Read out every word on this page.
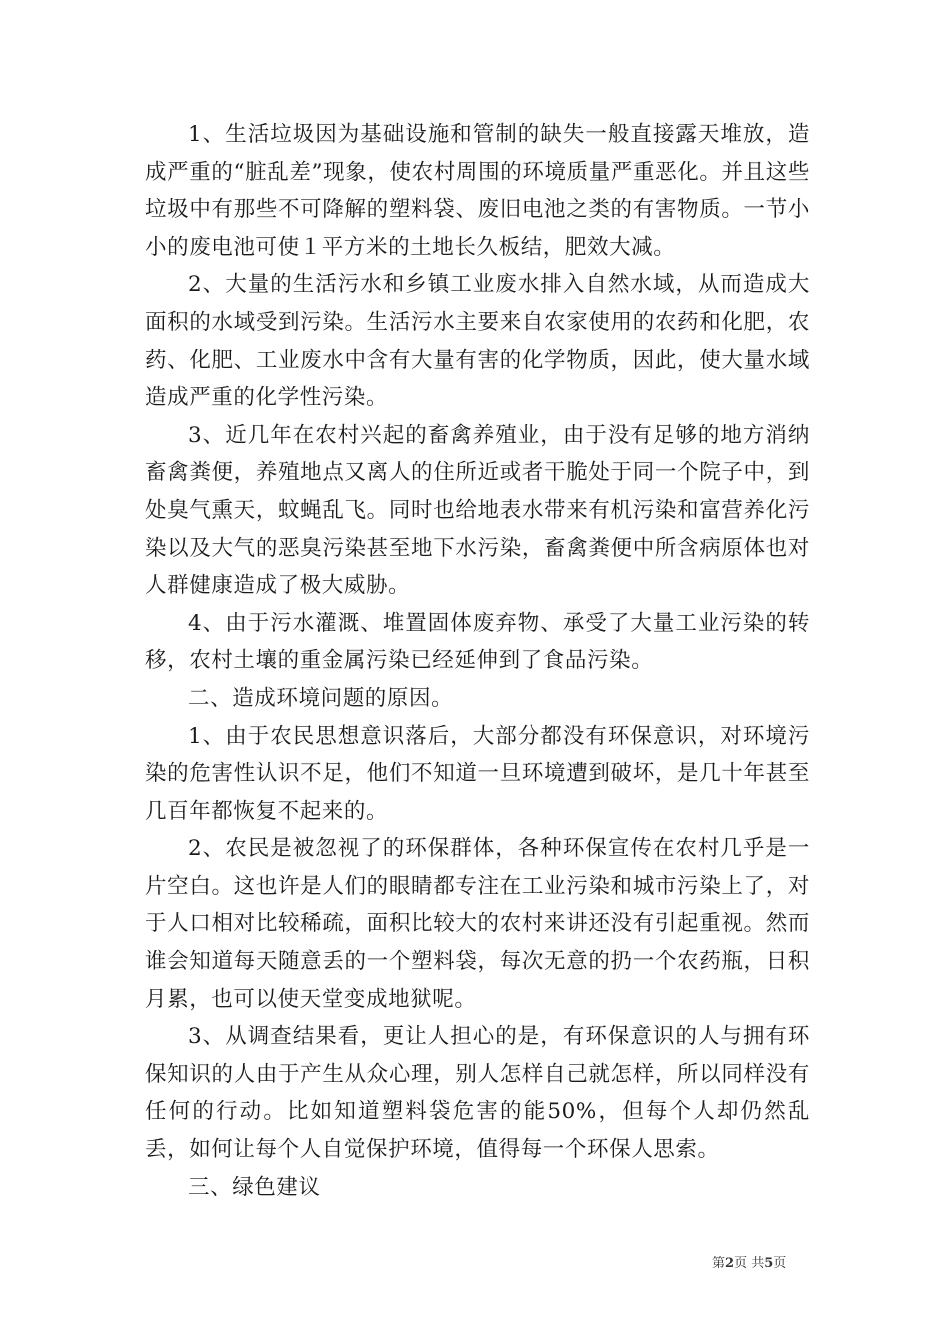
1、生活垃圾因为基础设施和管制的缺失一般直接露天堆放，造成严重的“脏乱差”现象，使农村周围的环境质量严重恶化。并且这些垃圾中有那些不可降解的塑料袋、废旧电池之类的有害物质。一节小小的废电池可使１平方米的土地长久板结，肥效大减。

2、大量的生活污水和乡镇工业废水排入自然水域，从而造成大面积的水域受到污染。生活污水主要来自农家使用的农药和化肥，农药、化肥、工业废水中含有大量有害的化学物质，因此，使大量水域造成严重的化学性污染。

3、近几年在农村兴起的畜禽养殖业，由于没有足够的地方消纳畜禽粪便，养殖地点又离人的住所近或者干脆处于同一个院子中，到处臭气熏天，蚊蝇乱飞。同时也给地表水带来有机污染和富营养化污染以及大气的恶臭污染甚至地下水污染，畜禽粪便中所含病原体也对人群健康造成了极大威胁。

4、由于污水灌溉、堆置固体废弃物、承受了大量工业污染的转移，农村土壤的重金属污染已经延伸到了食品污染。

二、造成环境问题的原因。

1、由于农民思想意识落后，大部分都没有环保意识，对环境污染的危害性认识不足，他们不知道一旦环境遭到破坏，是几十年甚至几百年都恢复不起来的。

2、农民是被忽视了的环保群体，各种环保宣传在农村几乎是一片空白。这也许是人们的眼睛都专注在工业污染和城市污染上了，对于人口相对比较稀疏，面积比较大的农村来讲还没有引起重视。然而谁会知道每天随意丢的一个塑料袋，每次无意的扔一个农药瓶，日积月累，也可以使天堂变成地狱呢。

3、从调查结果看，更让人担心的是，有环保意识的人与拥有环保知识的人由于产生从众心理，别人怎样自己就怎样，所以同样没有任何的行动。比如知道塑料袋危害的能50%，但每个人却仍然乱丢，如何让每个人自觉保护环境，值得每一个环保人思索。

三、绿色建议

第2页 共5页
